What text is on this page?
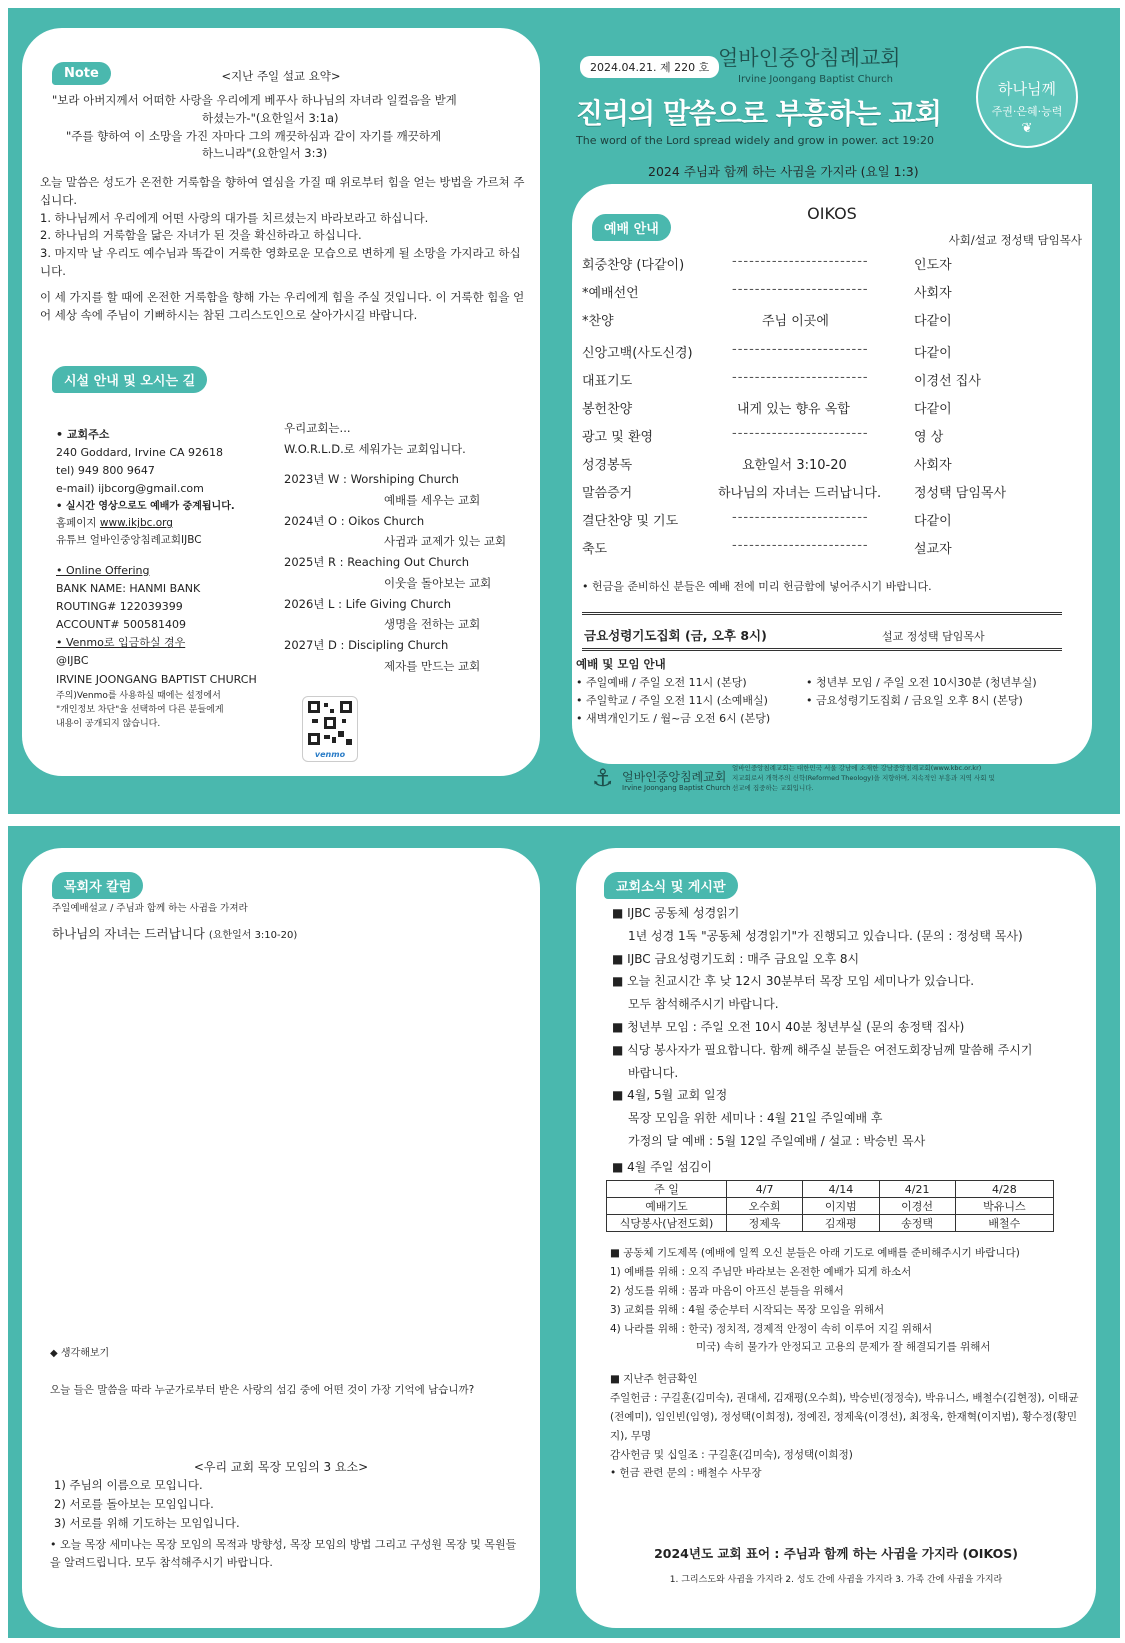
Note	<지난 주일 설교 요약>
"보라 아버지께서 어떠한 사랑을 우리에게 베푸사 하나님의 자녀라 일컬음을 받게
하셨는가-"(요한일서 3:1a)
"주를 향하여 이 소망을 가진 자마다 그의 깨끗하심과 같이 자기를 깨끗하게
하느니라"(요한일서 3:3)
오늘 말씀은 성도가 온전한 거룩함을 향하여 열심을 가질 때 위로부터 힘을 얻는 방법을 가르쳐 주십니다.
1. 하나님께서 우리에게 어떤 사랑의 대가를 치르셨는지 바라보라고 하십니다.
2. 하나님의 거룩함을 닮은 자녀가 된 것을 확신하라고 하십니다.
3. 마지막 날 우리도 예수님과 똑같이 거룩한 영화로운 모습으로 변하게 될 소망을 가지라고 하십니다.
이 세 가지를 할 때에 온전한 거룩함을 향해 가는 우리에게 힘을 주실 것입니다. 이 거룩한 힘을 얻어 세상 속에 주님이 기뻐하시는 참된 그리스도인으로 살아가시길 바랍니다.
시설 안내 및 오시는 길
• 교회주소
240 Goddard, Irvine CA 92618
tel) 949 800 9647
e-mail) ijbcorg@gmail.com
• 실시간 영상으로도 예배가 중계됩니다.
홈페이지 www.ikjbc.org
유튜브 얼바인중앙침례교회IJBC
• Online Offering
BANK NAME: HANMI BANK
ROUTING# 122039399
ACCOUNT# 500581409
• Venmo로 입금하실 경우
@IJBC
IRVINE JOONGANG BAPTIST CHURCH
주의)Venmo를 사용하실 때에는 설정에서
"개인정보 차단"을 선택하여 다른 분들에게
내용이 공개되지 않습니다.
우리교회는...
W.O.R.L.D.로 세워가는 교회입니다.
2023년 W : Worshiping Church
예배를 세우는 교회
2024년 O : Oikos Church
사귐과 교제가 있는 교회
2025년 R : Reaching Out Church
이웃을 돌아보는 교회
2026년 L : Life Giving Church
생명을 전하는 교회
2027년 D : Discipling Church
제자를 만드는 교회
venmo
2024.04.21. 제 220 호 얼바인중앙침례교회
Irvine Joongang Baptist Church
진리의 말씀으로 부흥하는 교회
The word of the Lord spread widely and grow in power. act 19:20
2024 주님과 함께 하는 사귐을 가지라 (요일 1:3)
하나님께
주권·은혜·능력
❦
OIKOS
예배 안내
사회/설교 정성택 담임목사
회중찬양 (다같이)	------------------------	인도자
*예배선언	------------------------	사회자
*찬양	주님 이곳에	다같이
신앙고백(사도신경)	------------------------	다같이
대표기도	------------------------	이경선 집사
봉헌찬양	내게 있는 향유 옥합	다같이
광고 및 환영	------------------------	영 상
성경봉독	요한일서 3:10-20	사회자
말씀증거	하나님의 자녀는 드러납니다.	정성택 담임목사
결단찬양 및 기도	------------------------	다같이
축도	------------------------	설교자
• 헌금을 준비하신 분들은 예배 전에 미리 헌금함에 넣어주시기 바랍니다.
금요성령기도집회 (금, 오후 8시)	설교 정성택 담임목사
예배 및 모임 안내
• 주일예배 / 주일 오전 11시 (본당)
• 주일학교 / 주일 오전 11시 (소예배실)
• 새벽개인기도 / 월~금 오전 6시 (본당)
• 청년부 모임 / 주일 오전 10시30분 (청년부실)
• 금요성령기도집회 / 금요일 오후 8시 (본당)
⚓ 얼바인중앙침례교회
Irvine Joongang Baptist Church
얼바인중앙침례교회는 대한민국 서울 강남에 소재한 강남중앙침례교회(www.kbc.or.kr)
지교회로서 개혁주의 신학(Reformed Theology)을 지향하며, 지속적인 부흥과 지역 사회 및
선교에 집중하는 교회입니다.
목회자 칼럼
주일예배설교 / 주님과 함께 하는 사귐을 가져라
하나님의 자녀는 드러납니다 (요한일서 3:10-20)
◆ 생각해보기
오늘 들은 말씀을 따라 누군가로부터 받은 사랑의 섬김 중에 어떤 것이 가장 기억에 남습니까?
<우리 교회 목장 모임의 3 요소>
1) 주님의 이름으로 모입니다.
2) 서로를 돌아보는 모임입니다.
3) 서로를 위해 기도하는 모임입니다.
• 오늘 목장 세미나는 목장 모임의 목적과 방향성, 목장 모임의 방법 그리고 구성원 목장 및 목원들을 알려드립니다. 모두 참석해주시기 바랍니다.
교회소식 및 게시판
■ IJBC 공동체 성경읽기
1년 성경 1독 "공동체 성경읽기"가 진행되고 있습니다. (문의 : 정성택 목사)
■ IJBC 금요성령기도회 : 매주 금요일 오후 8시
■ 오늘 친교시간 후 낮 12시 30분부터 목장 모임 세미나가 있습니다.
모두 참석해주시기 바랍니다.
■ 청년부 모임 : 주일 오전 10시 40분 청년부실 (문의 송정택 집사)
■ 식당 봉사자가 필요합니다. 함께 해주실 분들은 여전도회장님께 말씀해 주시기
바랍니다.
■ 4월, 5월 교회 일정
목장 모임을 위한 세미나 : 4월 21일 주일예배 후
가정의 달 예배 : 5월 12일 주일예배 / 설교 : 박승빈 목사
■ 4월 주일 섬김이
주 일	4/7	4/14	4/21	4/28
예배기도	오수희	이지범	이경선	박유니스
식당봉사(남전도회)	정제욱	김재평	송정택	배철수
■ 공동체 기도제목 (예배에 일찍 오신 분들은 아래 기도로 예배를 준비해주시기 바랍니다)
1) 예배를 위해 : 오직 주님만 바라보는 온전한 예배가 되게 하소서
2) 성도를 위해 : 몸과 마음이 아프신 분들을 위해서
3) 교회를 위해 : 4월 중순부터 시작되는 목장 모임을 위해서
4) 나라를 위해 : 한국) 정치적, 경제적 안정이 속히 이루어 지길 위해서
미국) 속히 물가가 안정되고 고용의 문제가 잘 해결되기를 위해서
■ 지난주 헌금확인
주일헌금 : 구길훈(김미숙), 권대세, 김재평(오수희), 박승빈(정정숙), 박유니스, 배철수(김현정), 이태균(전예미), 임인빈(임영), 정성택(이희정), 정예진, 정제욱(이경선), 최정욱, 한재혁(이지범), 황수정(황민지), 무명
감사헌금 및 십일조 : 구길훈(김미숙), 정성택(이희정)
• 헌금 관련 문의 : 배철수 사무장
2024년도 교회 표어 : 주님과 함께 하는 사귐을 가지라 (OIKOS)
1. 그리스도와 사귐을 가지라 2. 성도 간에 사귐을 가지라 3. 가족 간에 사귐을 가지라
